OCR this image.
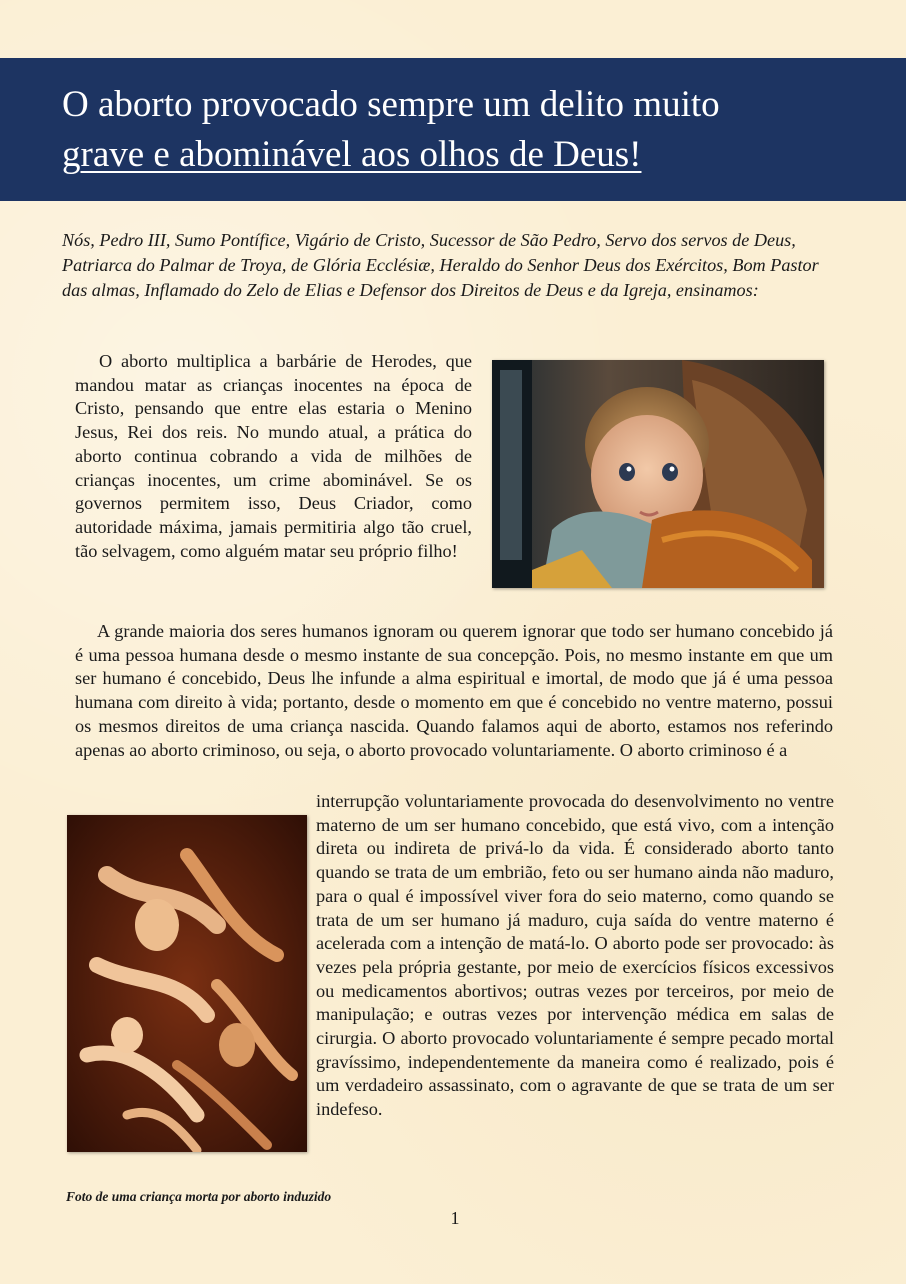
O aborto provocado sempre um delito muito
grave e abominável aos olhos de Deus!

Nós, Pedro III, Sumo Pontífice, Vigário de Cristo, Sucessor de São Pedro, Servo dos servos de Deus, Patriarca do Palmar de Troya, de Glória Ecclésiæ, Heraldo do Senhor Deus dos Exércitos, Bom Pastor das almas, Inflamado do Zelo de Elias e Defensor dos Direitos de Deus e da Igreja, ensinamos:

O aborto multiplica a barbárie de Herodes, que mandou matar as crianças inocentes na época de Cristo, pensando que entre elas estaria o Menino Jesus, Rei dos reis. No mundo atual, a prática do aborto continua cobrando a vida de milhões de crianças inocentes, um crime abominável. Se os governos permitem isso, Deus Criador, como autoridade máxima, jamais permitiria algo tão cruel, tão selvagem, como alguém matar seu próprio filho!

A grande maioria dos seres humanos ignoram ou querem ignorar que todo ser humano concebido já é uma pessoa humana desde o mesmo instante de sua concepção. Pois, no mesmo instante em que um ser humano é concebido, Deus lhe infunde a alma espiritual e imortal, de modo que já é uma pessoa humana com direito à vida; portanto, desde o momento em que é concebido no ventre materno, possui os mesmos direitos de uma criança nascida. Quando falamos aqui de aborto, estamos nos referindo apenas ao aborto criminoso, ou seja, o aborto provocado voluntariamente. O aborto criminoso é a

interrupção voluntariamente provocada do desenvolvimento no ventre materno de um ser humano concebido, que está vivo, com a intenção direta ou indireta de privá-lo da vida. É considerado aborto tanto quando se trata de um embrião, feto ou ser humano ainda não maduro, para o qual é impossível viver fora do seio materno, como quando se trata de um ser humano já maduro, cuja saída do ventre materno é acelerada com a intenção de matá-lo. O aborto pode ser provocado: às vezes pela própria gestante, por meio de exercícios físicos excessivos ou medicamentos abortivos; outras vezes por terceiros, por meio de manipulação; e outras vezes por intervenção médica em salas de cirurgia. O aborto provocado voluntariamente é sempre pecado mortal gravíssimo, independentemente da maneira como é realizado, pois é um verdadeiro assassinato, com o agravante de que se trata de um ser indefeso.

Foto de uma criança morta por aborto induzido

1
